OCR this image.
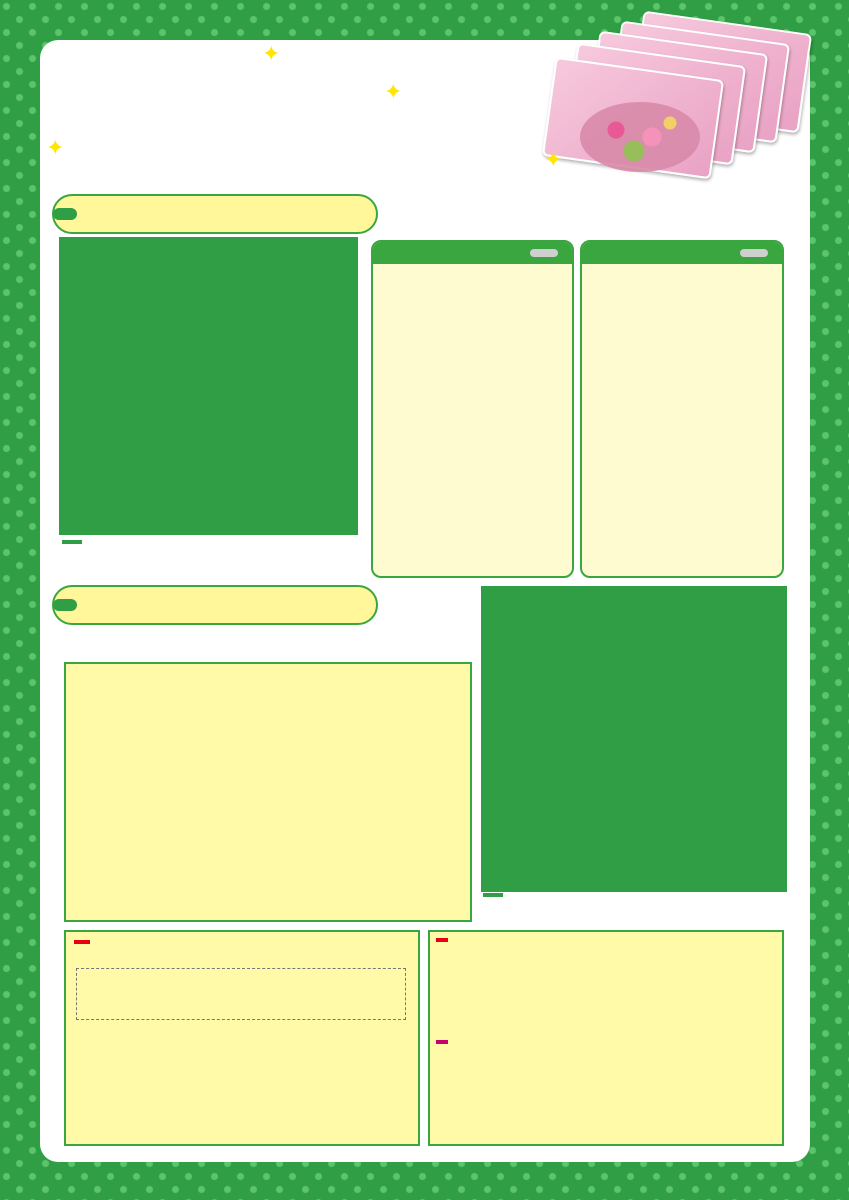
✦
✦
✦	✦
